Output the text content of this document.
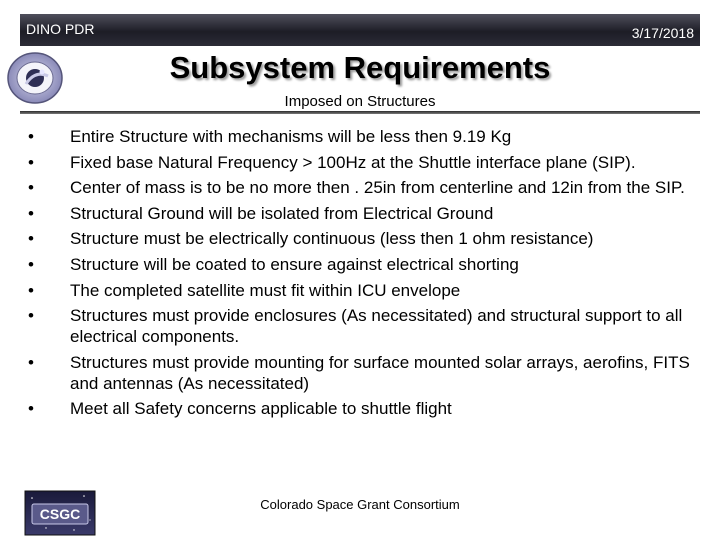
DINO PDR	3/17/2018
Subsystem Requirements
Imposed on Structures
•	Entire Structure with mechanisms will be less then 9.19 Kg
•	Fixed base Natural Frequency > 100Hz at the Shuttle interface plane (SIP).
•	Center of mass is to be no more then . 25in from centerline and 12in from the SIP.
•	Structural Ground will be isolated from Electrical Ground
•	Structure must be electrically continuous (less then 1 ohm resistance)
•	Structure will be coated to ensure against electrical shorting
•	The completed satellite must fit within ICU envelope
•	Structures must provide enclosures (As necessitated) and structural support to all electrical components.
•	Structures must provide mounting for surface mounted solar arrays, aerofins, FITS and antennas (As necessitated)
•	Meet all Safety concerns applicable to shuttle flight
CSGC
Colorado Space Grant Consortium
